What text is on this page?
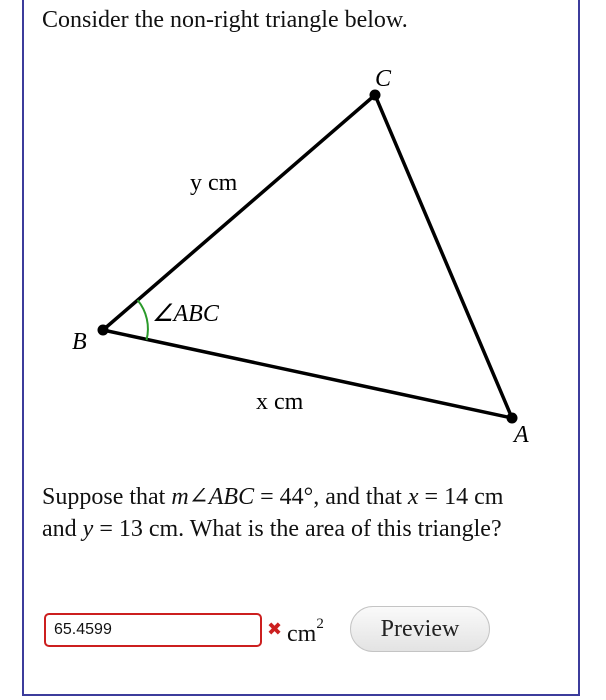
Consider the non-right triangle below.
C
B
A
y cm
x cm
∠ABC
Suppose that m∠ABC = 44°, and that x = 14 cm and y = 13 cm. What is the area of this triangle?
65.4599
✖ $cm^2$	Preview
